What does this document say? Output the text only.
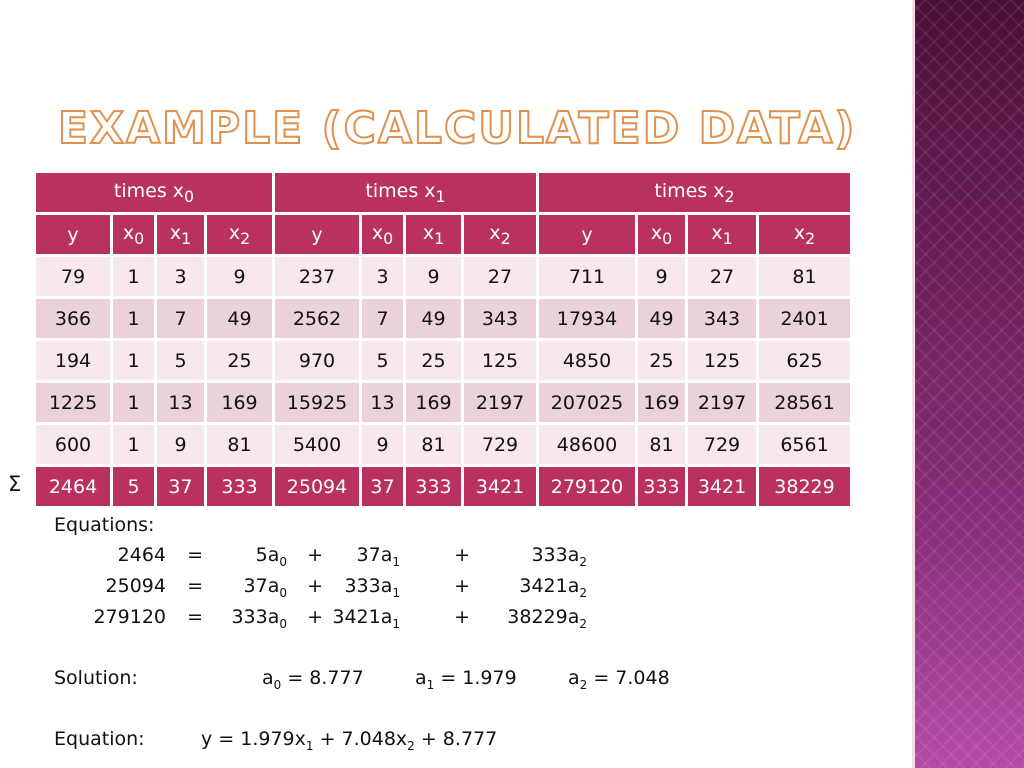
EXAMPLE (CALCULATED DATA)
times $x_0$				times $x_1$				times $x_2$
y	$x_0$	$x_1$	$x_2$	y	$x_0$	$x_1$	$x_2$	y	$x_0$	$x_1$	$x_2$
79	1	3	9	237	3	9	27	711	9	27	81
366	1	7	49	2562	7	49	343	17934	49	343	2401
194	1	5	25	970	5	25	125	4850	25	125	625
1225	1	13	169	15925	13	169	2197	207025	169	2197	28561
600	1	9	81	5400	9	81	729	48600	81	729	6561
2464	5	37	333	25094	37	333	3421	279120	333	3421	38229
Σ
Equations:
2464 =	$5a_0 + 37a_1$	+	$333a_2$
$25094 = 37a_0 + 333a_1$	+	$3421a_2$
$279120 = 333a_0 + 3421a_1$	+ $38229a_2$
Solution:	$a_0 = 8.777$	$a_1 = 1.979$	$a_2 = 7.048$
Equation:	$y = 1.979x_1 + 7.048x_2 + 8.777$
